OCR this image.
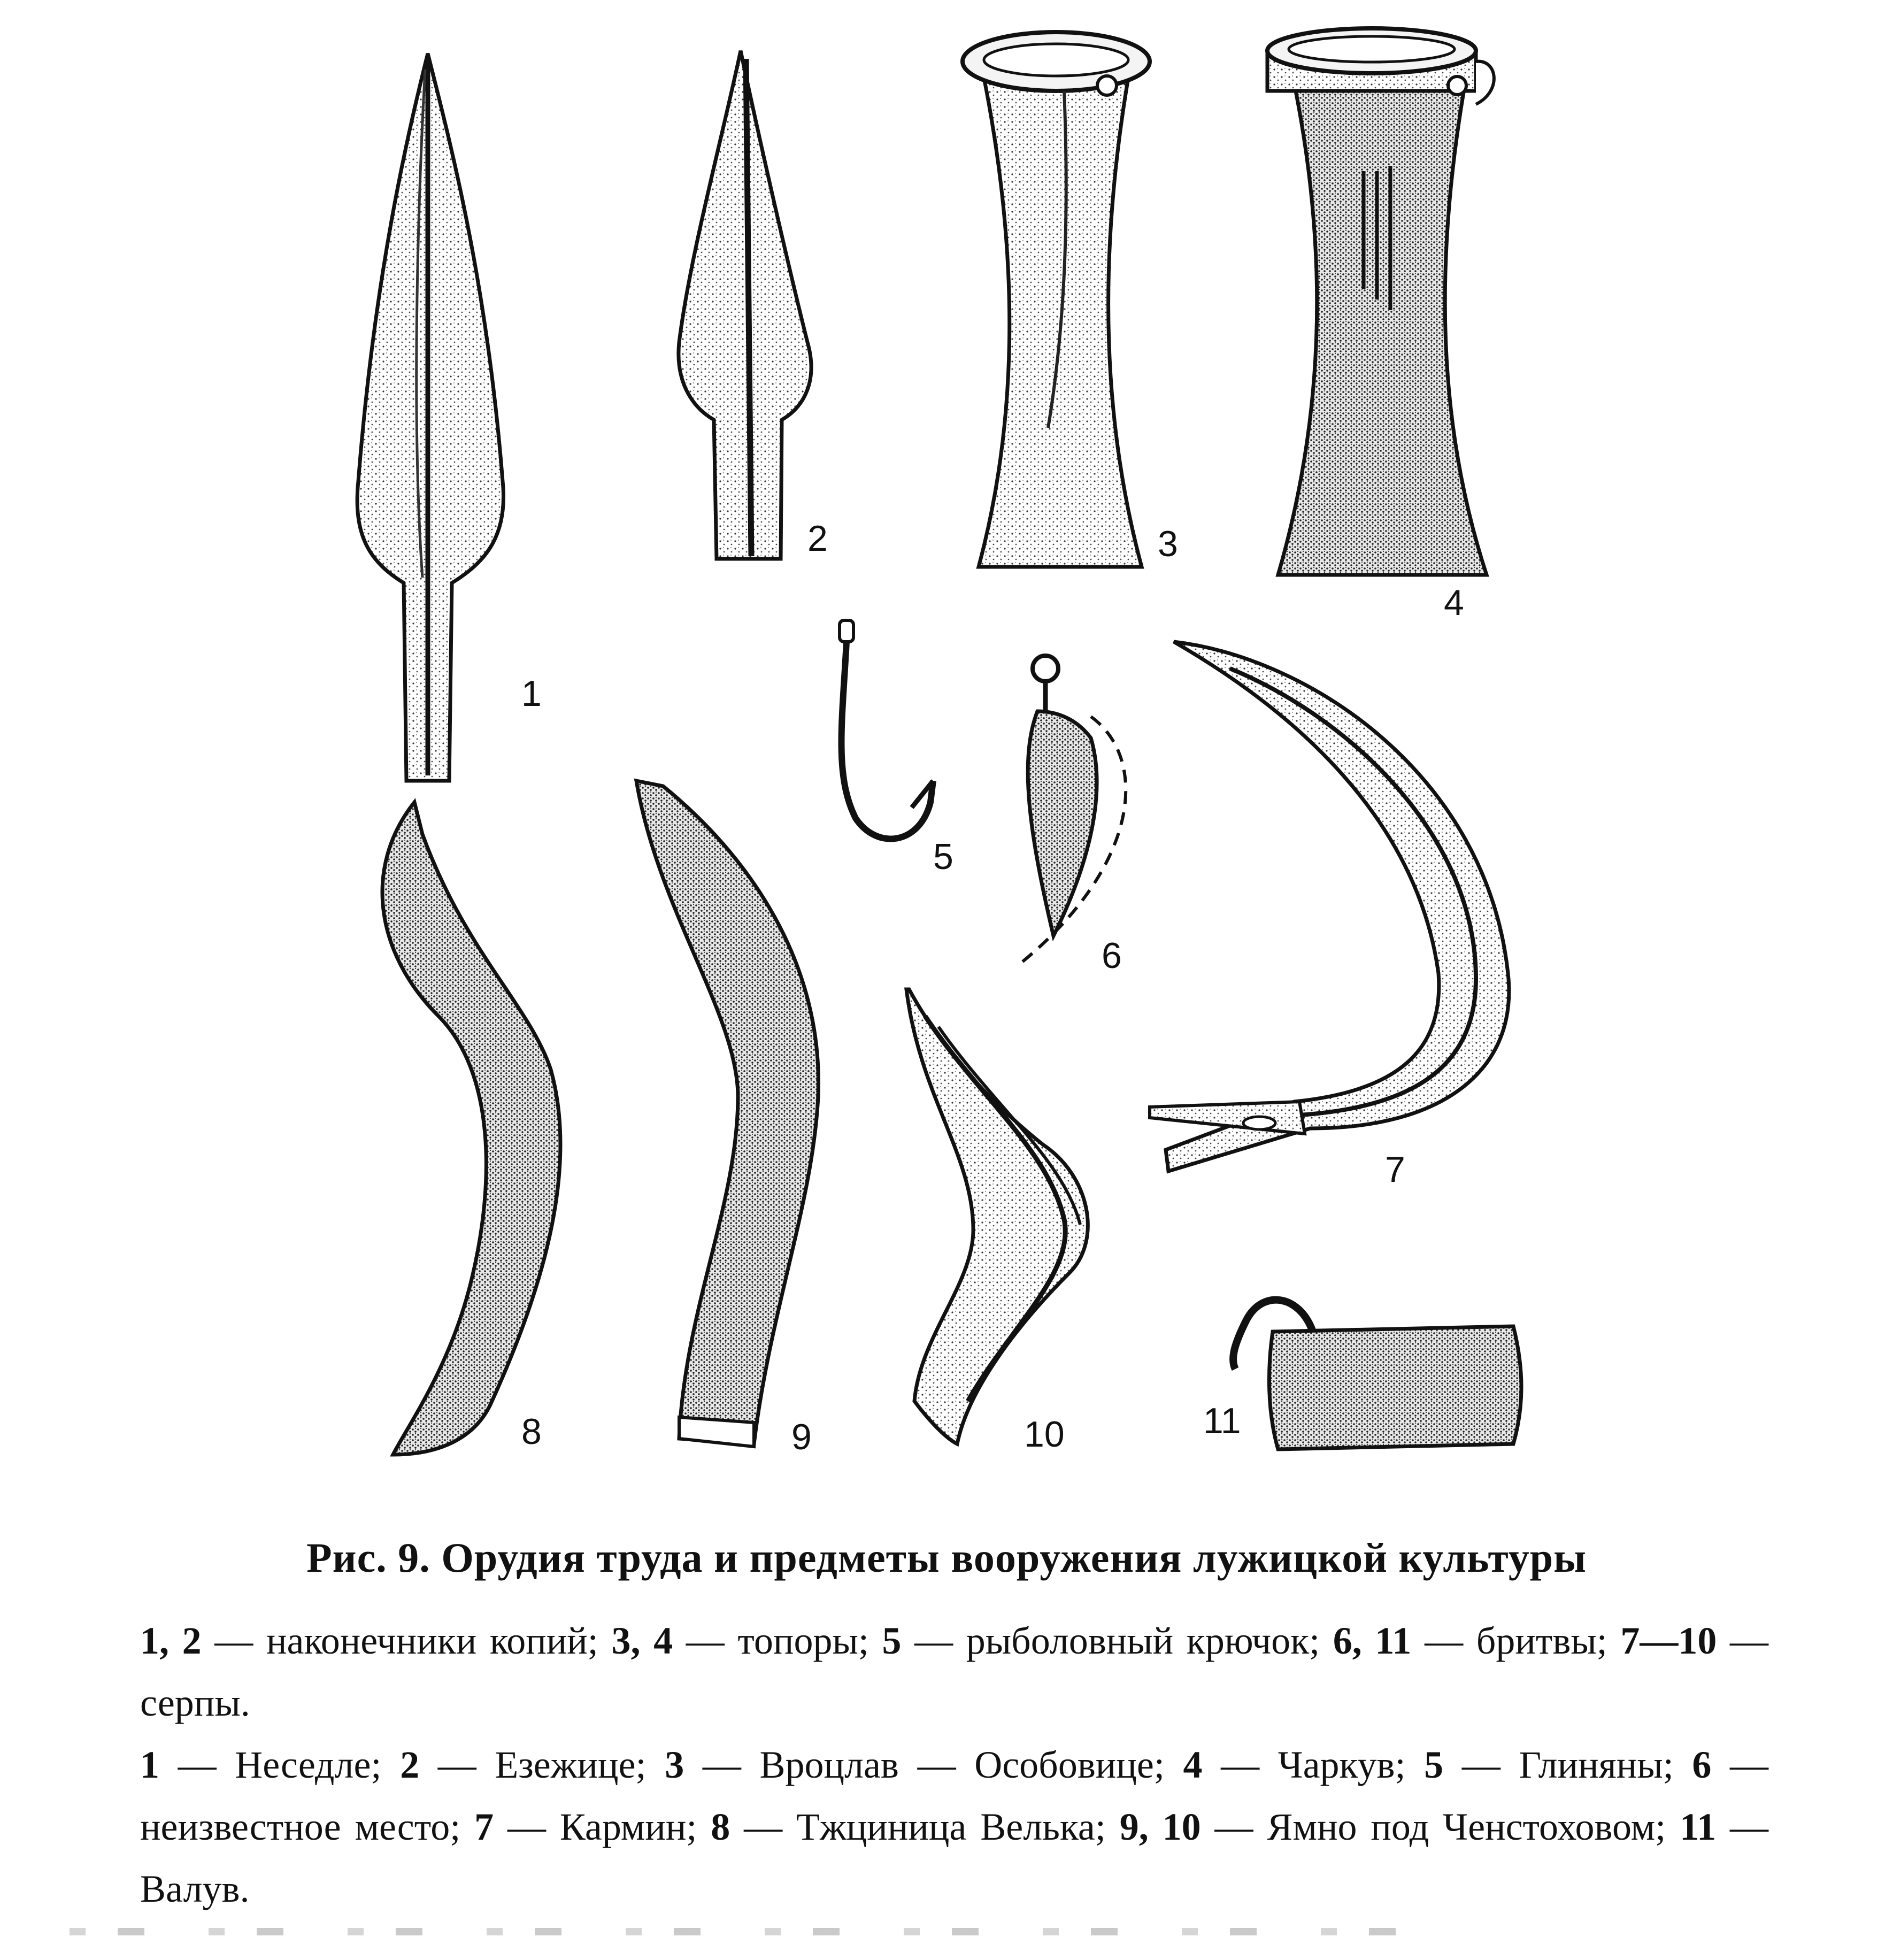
1
2	3
4
5
6
7
8	9	10	11
Рис. 9. Орудия труда и предметы вооружения лужицкой культуры
1, 2 — наконечники копий; 3, 4 — топоры; 5 — рыболовный крючок; 6, 11 — бритвы; 7—10 — серпы.
1 — Неседле; 2 — Езежице; 3 — Вроцлав — Особовице; 4 — Чаркув; 5 — Глиняны; 6 — неизвестное место; 7 — Кармин; 8 — Тжциница Велька; 9, 10 — Ямно под Ченстоховом; 11 — Валув.
